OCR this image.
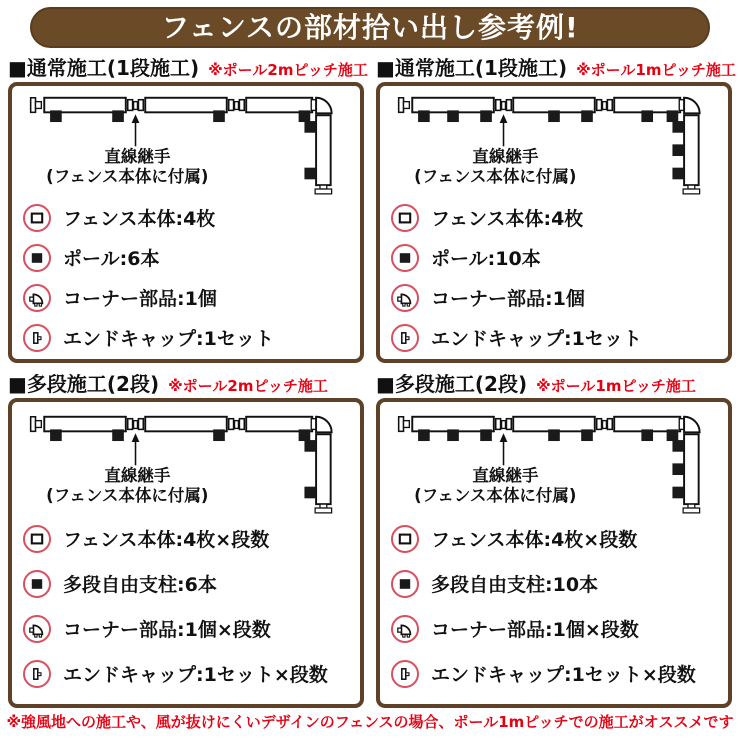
フェンスの部材拾い出し参考例!
■通常施工(1段施工) ※ポール2mピッチ施工
直線継手
(フェンス本体に付属)
フェンス本体:4枚
ポール:6本
コーナー部品:1個
エンドキャップ:1セット
■通常施工(1段施工) ※ポール1mピッチ施工
直線継手
(フェンス本体に付属)
フェンス本体:4枚
ポール:10本
コーナー部品:1個
エンドキャップ:1セット
■多段施工(2段) ※ポール2mピッチ施工
直線継手
(フェンス本体に付属)
フェンス本体:4枚×段数
多段自由支柱:6本
コーナー部品:1個×段数
エンドキャップ:1セット×段数
■多段施工(2段) ※ポール1mピッチ施工
直線継手
(フェンス本体に付属)
フェンス本体:4枚×段数
多段自由支柱:10本
コーナー部品:1個×段数
エンドキャップ:1セット×段数
※強風地への施工や、風が抜けにくいデザインのフェンスの場合、ポール1mピッチでの施工がオススメです
